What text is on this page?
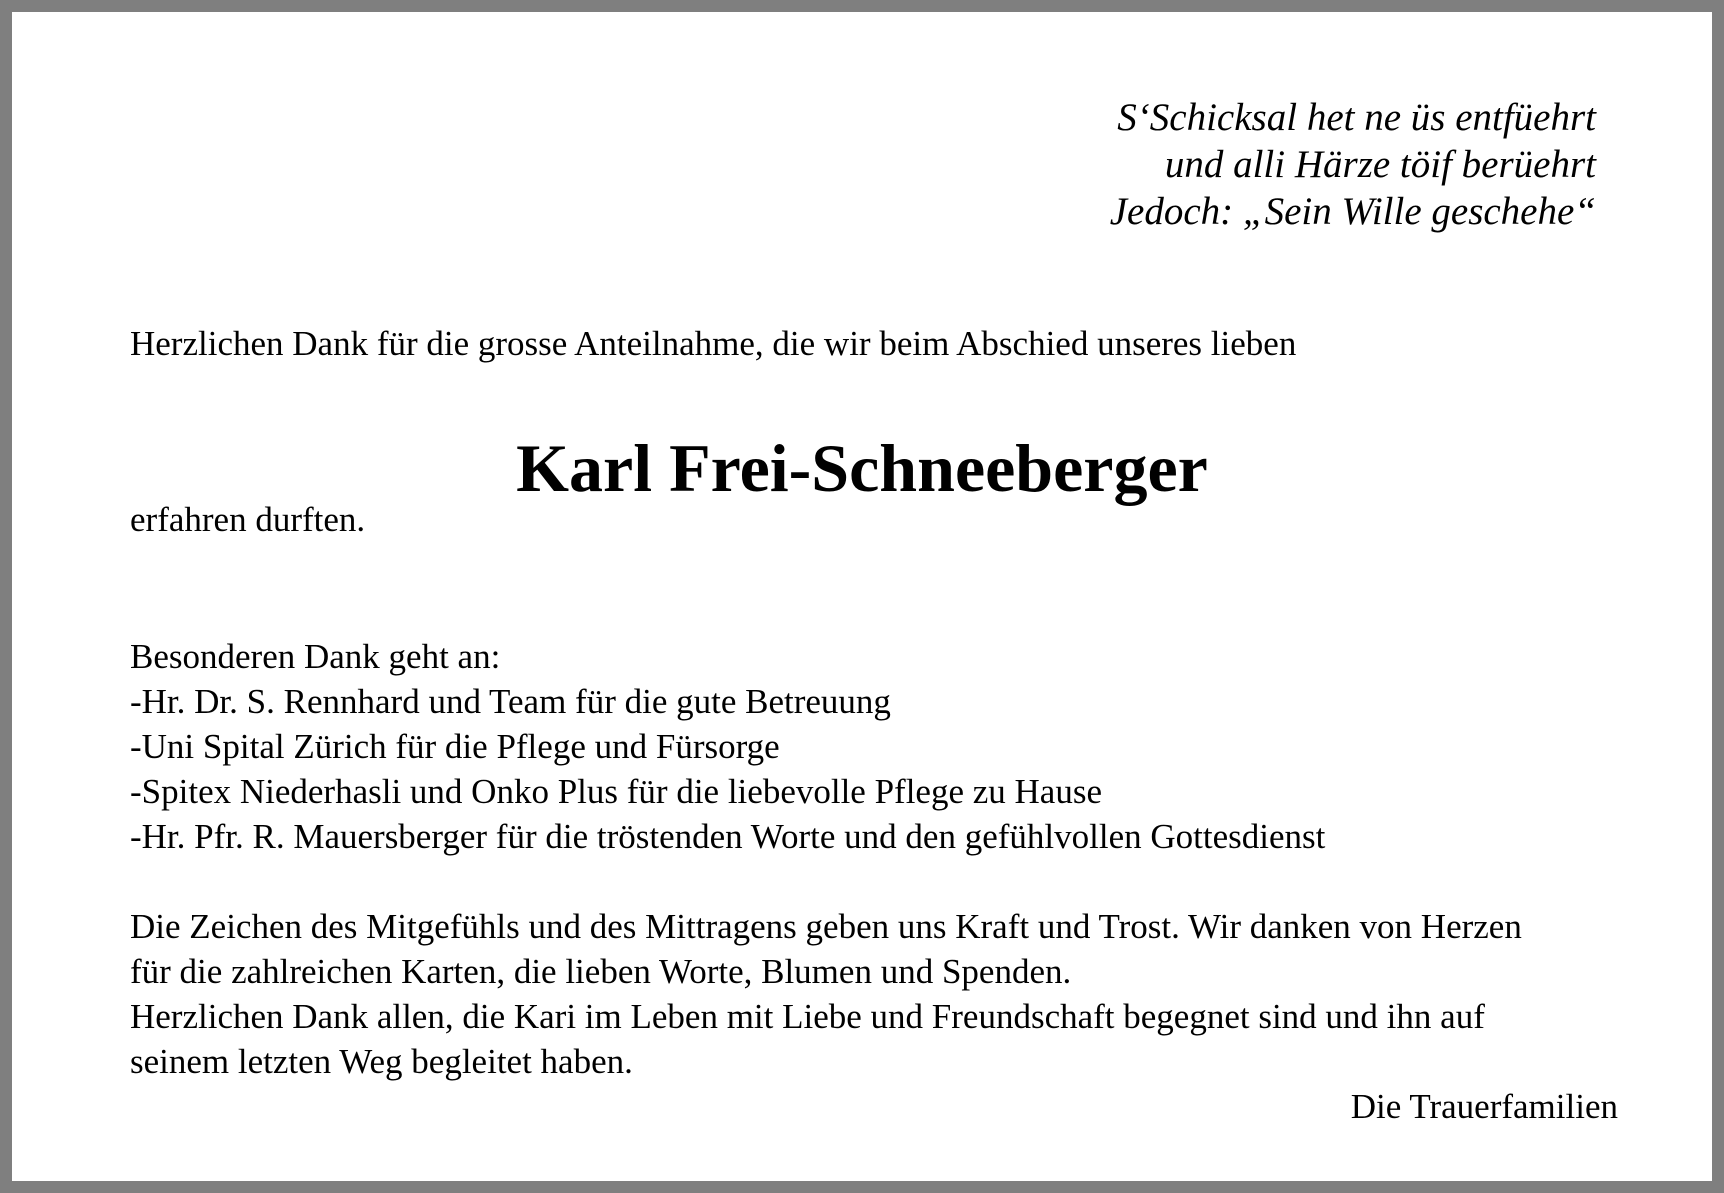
S‘Schicksal het ne üs entfüehrt
und alli Härze töif berüehrt
Jedoch: „Sein Wille geschehe“
Herzlichen Dank für die grosse Anteilnahme, die wir beim Abschied unseres lieben
Karl Frei-Schneeberger
erfahren durften.
Besonderen Dank geht an:
-Hr. Dr. S. Rennhard und Team für die gute Betreuung
-Uni Spital Zürich für die Pflege und Fürsorge
-Spitex Niederhasli und Onko Plus für die liebevolle Pflege zu Hause
-Hr. Pfr. R. Mauersberger für die tröstenden Worte und den gefühlvollen Gottesdienst
Die Zeichen des Mitgefühls und des Mittragens geben uns Kraft und Trost. Wir danken von Herzen
für die zahlreichen Karten, die lieben Worte, Blumen und Spenden.
Herzlichen Dank allen, die Kari im Leben mit Liebe und Freundschaft begegnet sind und ihn auf
seinem letzten Weg begleitet haben.
Die Trauerfamilien
